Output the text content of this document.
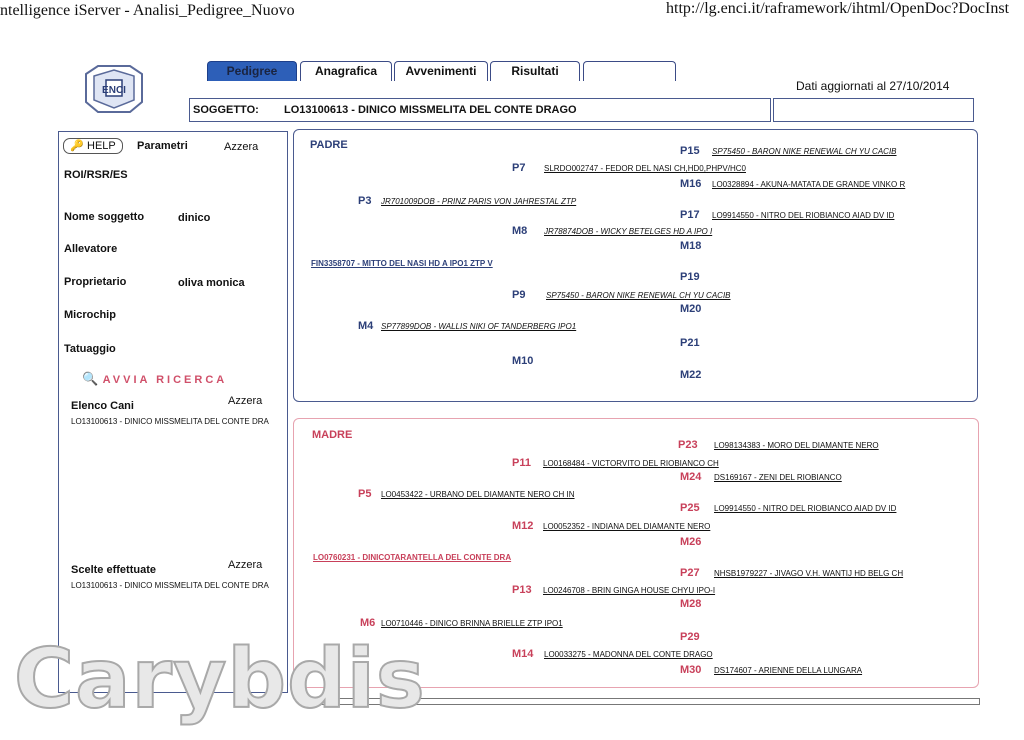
ntelligence iServer - Analisi_Pedigree_Nuovo	http://lg.enci.it/raframework/ihtml/OpenDoc?DocInst
ENCI
Pedigree	Anagrafica	Avvenimenti	Risultati
Dati aggiornati al 27/10/2014
SOGGETTO: LO13100613 - DINICO MISSMELITA DEL CONTE DRAGO
🔑 HELP	Parametri	Azzera
ROI/RSR/ES
Nome soggetto	dinico
Allevatore
Proprietario	oliva monica
Microchip
Tatuaggio
🔍 AVVIA RICERCA
Elenco Cani	Azzera
LO13100613 - DINICO MISSMELITA DEL CONTE DRA
Scelte effettuate	Azzera
LO13100613 - DINICO MISSMELITA DEL CONTE DRA
PADRE
FIN3358707 - MITTO DEL NASI HD A IPO1 ZTP V
P15 SP75450 - BARON NIKE RENEWAL CH YU CACIB
P7 SLRDO002747 - FEDOR DEL NASI CH,HD0,PHPV/HC0
M16 LO0328894 - AKUNA-MATATA DE GRANDE VINKO R
P3 JR701009DOB - PRINZ PARIS VON JAHRESTAL ZTP
P17 LO9914550 - NITRO DEL RIOBIANCO AIAD DV ID
M8 JR78874DOB - WICKY BETELGES HD A IPO I
M18
P19
P9	SP75450 - BARON NIKE RENEWAL CH YU CACIB
M20
M4 SP77899DOB - WALLIS NIKI OF TANDERBERG IPO1
P21
M10
M22
MADRE
LO0760231 - DINICOTARANTELLA DEL CONTE DRA
P23 LO98134383 - MORO DEL DIAMANTE NERO
P11 LO0168484 - VICTORVITO DEL RIOBIANCO CH
M24 DS169167 - ZENI DEL RIOBIANCO
P5 LO0453422 - URBANO DEL DIAMANTE NERO CH IN
P25 LO9914550 - NITRO DEL RIOBIANCO AIAD DV ID
M12 LO0052352 - INDIANA DEL DIAMANTE NERO
M26
P27 NHSB1979227 - JIVAGO V.H. WANTIJ HD BELG CH
P13 LO0246708 - BRIN GINGA HOUSE CHYU IPO-I
M28
M6 LO0710446 - DINICO BRINNA BRIELLE ZTP IPO1
P29
M14 LO0033275 - MADONNA DEL CONTE DRAGO
M30 DS174607 - ARIENNE DELLA LUNGARA
Carybdis
